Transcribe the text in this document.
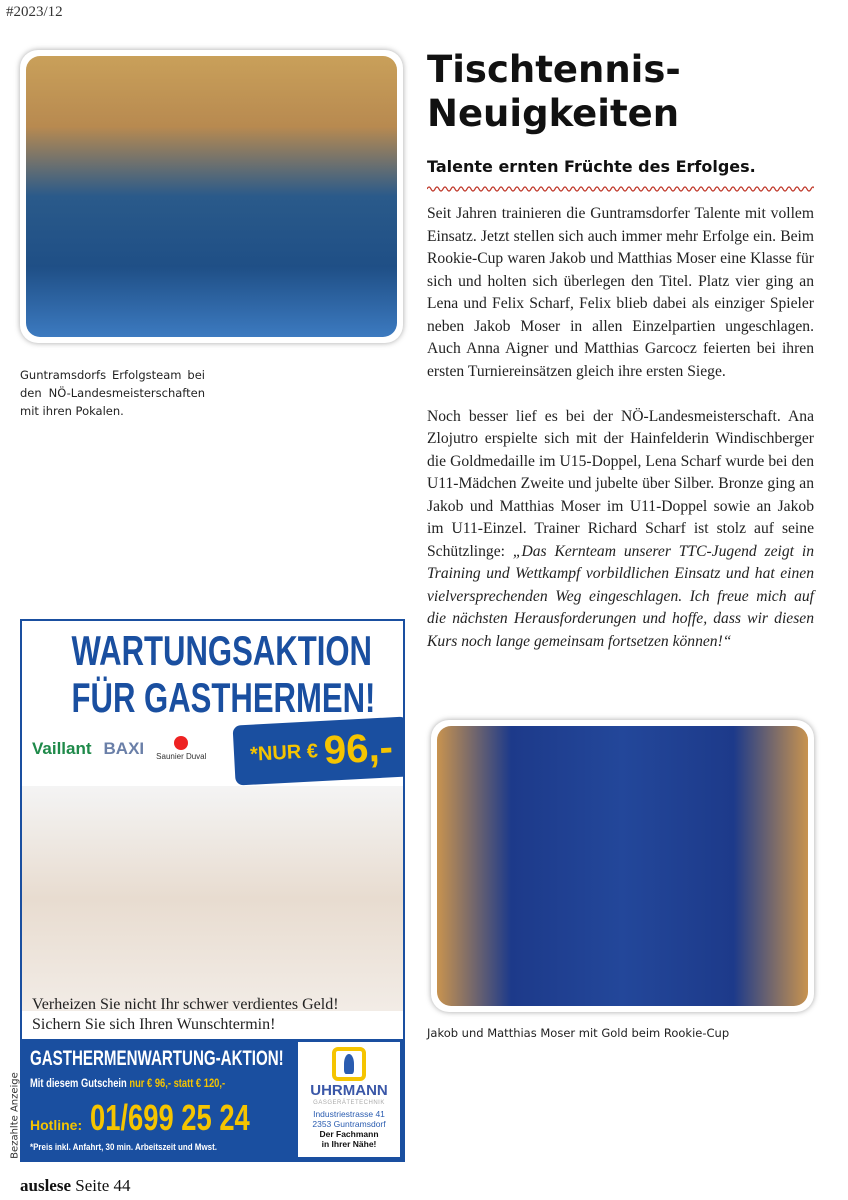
#2023/12
Guntramsdorfs Erfolgsteam bei den NÖ-Landesmeisterschaften mit ihren Pokalen.
Tischtennis-
Neuigkeiten
Talente ernten Früchte des Erfolges.

Seit Jahren trainieren die Guntramsdorfer Talente mit vollem Einsatz. Jetzt stellen sich auch immer mehr Erfolge ein. Beim Rookie-Cup waren Jakob und Matthias Moser eine Klasse für sich und holten sich überlegen den Titel. Platz vier ging an Lena und Felix Scharf, Felix blieb dabei als einziger Spieler neben Jakob Moser in allen Einzelpartien ungeschlagen. Auch Anna Aigner und Matthias Garcocz feierten bei ihren ersten Turniereinsätzen gleich ihre ersten Siege.

Noch besser lief es bei der NÖ-Landesmeisterschaft. Ana Zlojutro erspielte sich mit der Hainfelderin Windischberger die Goldmedaille im U15-Doppel, Lena Scharf wurde bei den U11-Mädchen Zweite und jubelte über Silber. Bronze ging an Jakob und Matthias Moser im U11-Doppel sowie an Jakob im U11-Einzel. Trainer Richard Scharf ist stolz auf seine Schützlinge: „Das Kernteam unserer TTC-Jugend zeigt in Training und Wettkampf vorbildlichen Einsatz und hat einen vielversprechenden Weg eingeschlagen. Ich freue mich auf die nächsten Herausforderungen und hoffe, dass wir diesen Kurs noch lange gemeinsam fortsetzen können!“

Jakob und Matthias Moser mit Gold beim Rookie-Cup
WARTUNGSAKTION
FÜR GASTHERMEN!
Vaillant BAXI Saunier Duval *NUR € 96,-
Verheizen Sie nicht Ihr schwer verdientes Geld!
Sichern Sie sich Ihren Wunschtermin!
GASTHERMENWARTUNG-AKTION!
Mit diesem Gutschein nur € 96,- statt € 120,-
Hotline: 01/699 25 24
*Preis inkl. Anfahrt, 30 min. Arbeitszeit und Mwst.
UHRMANN
GASGERÄTETECHNIK
Industriestrasse 41
2353 Guntramsdorf
Der Fachmann
in Ihrer Nähe!
Bezahlte Anzeige
auslese Seite 44
